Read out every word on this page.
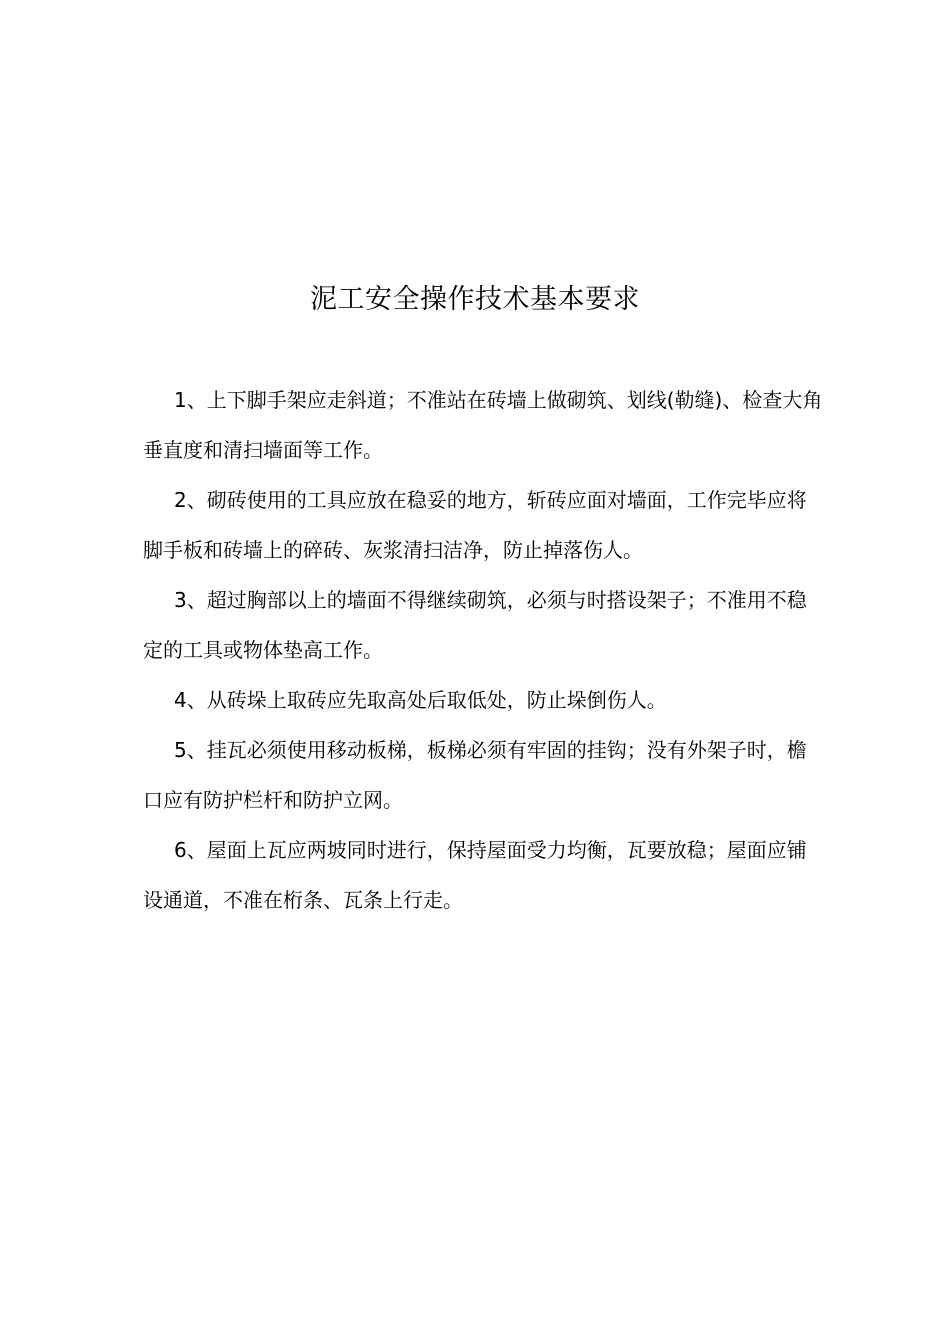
泥工安全操作技术基本要求

1、上下脚手架应走斜道；不准站在砖墙上做砌筑、划线(勒缝)、检查大角垂直度和清扫墙面等工作。

2、砌砖使用的工具应放在稳妥的地方，斩砖应面对墙面，工作完毕应将脚手板和砖墙上的碎砖、灰浆清扫洁净，防止掉落伤人。

3、超过胸部以上的墙面不得继续砌筑，必须与时搭设架子；不准用不稳定的工具或物体垫高工作。

4、从砖垛上取砖应先取高处后取低处，防止垛倒伤人。

5、挂瓦必须使用移动板梯，板梯必须有牢固的挂钩；没有外架子时，檐口应有防护栏杆和防护立网。

6、屋面上瓦应两坡同时进行，保持屋面受力均衡，瓦要放稳；屋面应铺设通道，不准在桁条、瓦条上行走。
